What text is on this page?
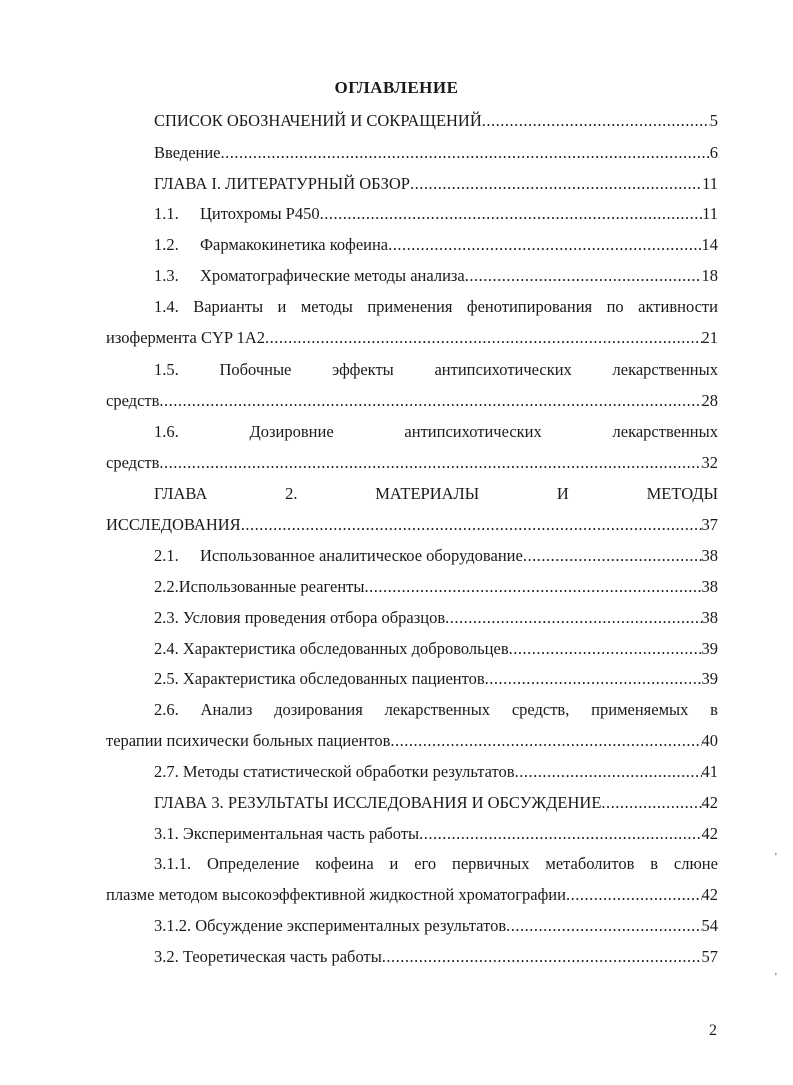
ОГЛАВЛЕНИЕ
СПИСОК ОБОЗНАЧЕНИЙ И СОКРАЩЕНИЙ .....	5
Введение .....	6
ГЛАВА I. ЛИТЕРАТУРНЫЙ ОБЗОР .....	11
1.1. Цитохромы Р450 .....	11
1.2. Фармакокинетика кофеина .....	14
1.3. Хроматографические методы анализа .....	18
1.4. Варианты и методы применения фенотипирования по активности
изофермента CYP 1A2 .....	21
1.5. Побочные эффекты антипсихотических лекарственных
средств .....	28
1.6.	Дозировние	антипсихотических	лекарственных
средств .....	32
ГЛАВА	2.	МАТЕРИАЛЫ	И	МЕТОДЫ
ИССЛЕДОВАНИЯ .....	37
2.1. Использованное аналитическое оборудование .....	38
2.2.Использованные реагенты .....	38
2.3. Условия проведения отбора образцов .....	38
2.4. Характеристика обследованных добровольцев .....	39
2.5. Характеристика обследованных пациентов .....	39
2.6. Анализ дозирования лекарственных средств, применяемых в
терапии психически больных пациентов .....	40
2.7. Методы статистической обработки результатов .....	41
ГЛАВА 3. РЕЗУЛЬТАТЫ ИССЛЕДОВАНИЯ И ОБСУЖДЕНИЕ .....	42
3.1. Экспериментальная часть работы .....	42
3.1.1. Определение кофеина и его первичных метаболитов в слюне
плазме методом высокоэффективной жидкостной хроматографии .....	42
3.1.2. Обсуждение эксперименталных результатов .....	54
3.2. Теоретическая часть работы .....	57
'
'
2
